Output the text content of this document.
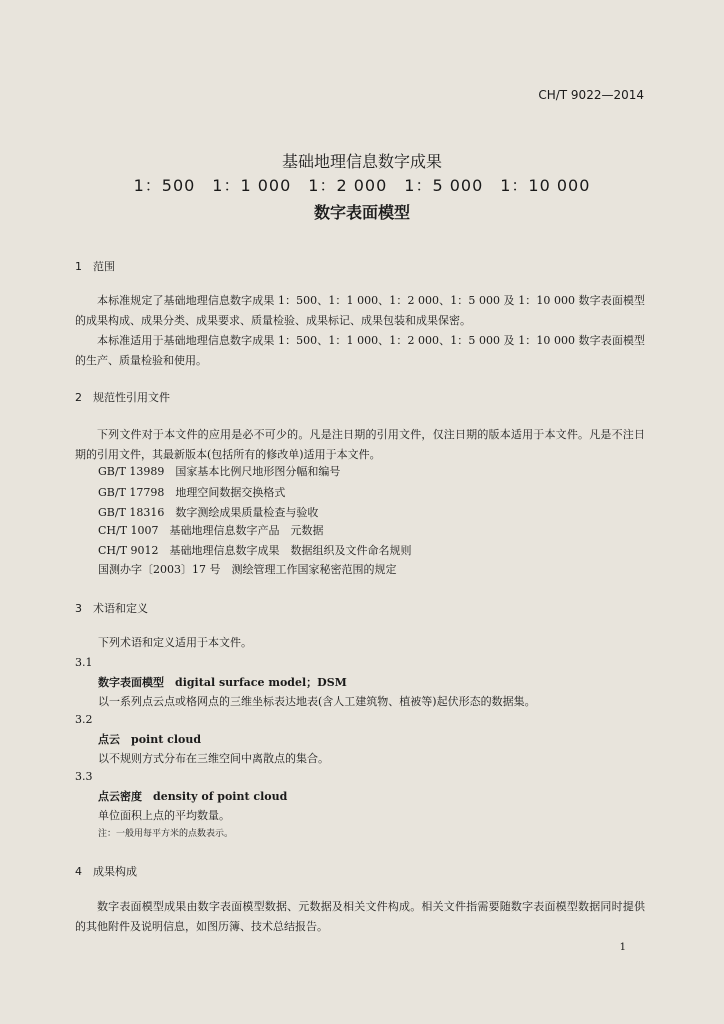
CH/T 9022—2014
基础地理信息数字成果
1：500　1：1 000　1：2 000　1：5 000　1：10 000
数字表面模型
1　范围
本标准规定了基础地理信息数字成果 1：500、1：1 000、1：2 000、1：5 000 及 1：10 000 数字表面模型的成果构成、成果分类、成果要求、质量检验、成果标记、成果包装和成果保密。
本标准适用于基础地理信息数字成果 1：500、1：1 000、1：2 000、1：5 000 及 1：10 000 数字表面模型的生产、质量检验和使用。
2　规范性引用文件
下列文件对于本文件的应用是必不可少的。凡是注日期的引用文件，仅注日期的版本适用于本文件。凡是不注日期的引用文件，其最新版本(包括所有的修改单)适用于本文件。
GB/T 13989　国家基本比例尺地形图分幅和编号
GB/T 17798　地理空间数据交换格式
GB/T 18316　数字测绘成果质量检查与验收
CH/T 1007　基础地理信息数字产品　元数据
CH/T 9012　基础地理信息数字成果　数据组织及文件命名规则
国测办字〔2003〕17 号　测绘管理工作国家秘密范围的规定
3　术语和定义
下列术语和定义适用于本文件。
3.1
数字表面模型　digital surface model；DSM
以一系列点云点或格网点的三维坐标表达地表(含人工建筑物、植被等)起伏形态的数据集。
3.2
点云　point cloud
以不规则方式分布在三维空间中离散点的集合。
3.3
点云密度　density of point cloud
单位面积上点的平均数量。
注：一般用每平方米的点数表示。
4　成果构成
数字表面模型成果由数字表面模型数据、元数据及相关文件构成。相关文件指需要随数字表面模型数据同时提供的其他附件及说明信息，如图历簿、技术总结报告。
1
